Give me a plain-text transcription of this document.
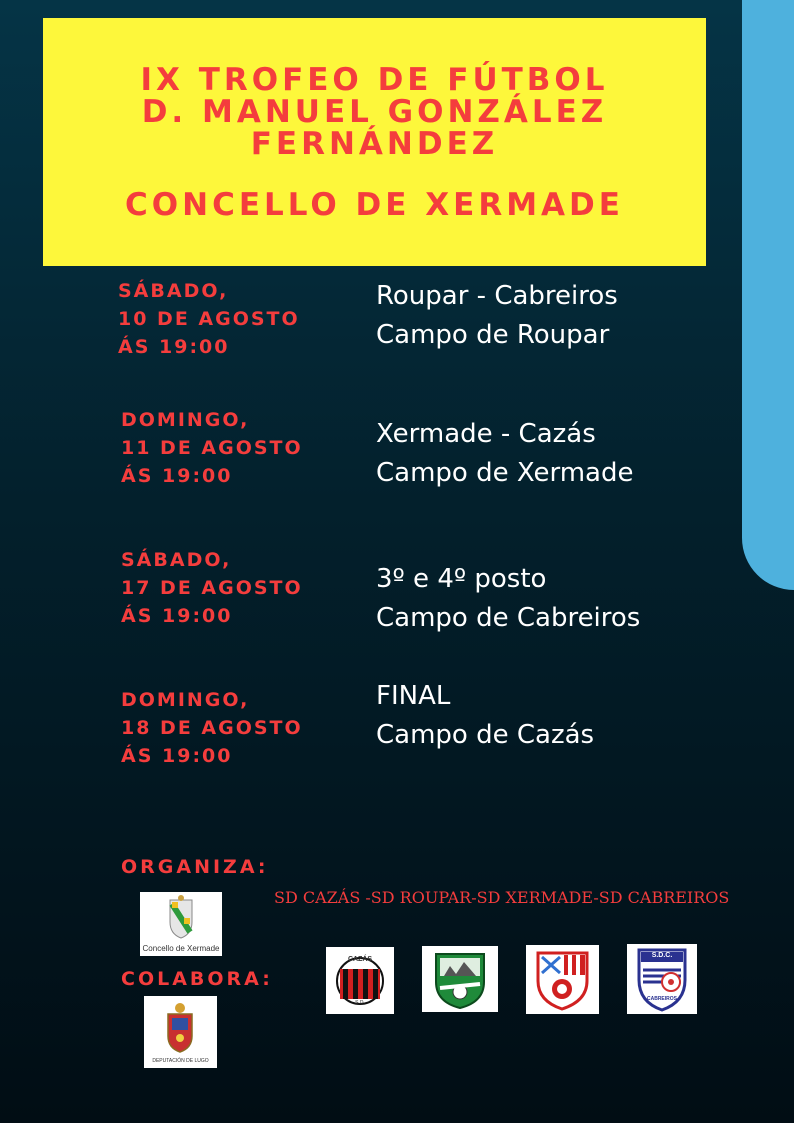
IX TROFEO DE FÚTBOL
D. MANUEL GONZÁLEZ
FERNÁNDEZ
CONCELLO DE XERMADE
SÁBADO,
10 DE AGOSTO
ÁS 19:00
Roupar - Cabreiros
Campo de Roupar
DOMINGO,
11 DE AGOSTO
ÁS 19:00
Xermade - Cazás
Campo de Xermade
SÁBADO,
17 DE AGOSTO
ÁS 19:00
3º e 4º posto
Campo de Cabreiros
DOMINGO,
18 DE AGOSTO
ÁS 19:00
FINAL
Campo de Cazás
ORGANIZA:
SD CAZÁS -SD ROUPAR-SD XERMADE-SD CABREIROS
Concello de Xermade
COLABORA:
DEPUTACIÓN DE LUGO
CAZÁS
S.D.
S.D.C.
CABREIROS
